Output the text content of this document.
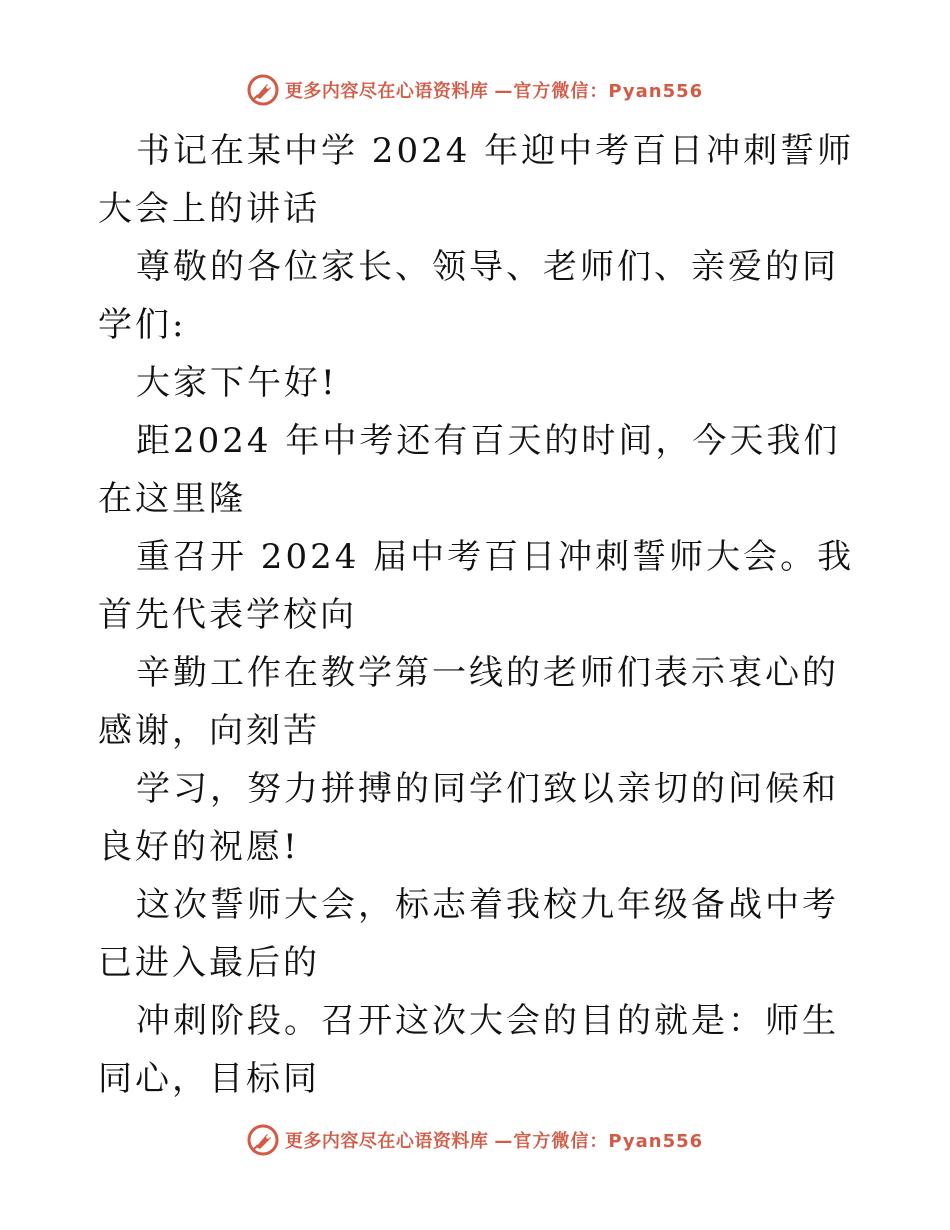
更多内容尽在心语资料库 —官方微信：Pyan556

书记在某中学 2024 年迎中考百日冲刺誓师大会上的讲话

尊敬的各位家长、领导、老师们、亲爱的同学们:

大家下午好!

距2024 年中考还有百天的时间，今天我们在这里隆

重召开 2024 届中考百日冲刺誓师大会。我首先代表学校向

辛勤工作在教学第一线的老师们表示衷心的感谢，向刻苦

学习，努力拼搏的同学们致以亲切的问候和良好的祝愿!

这次誓师大会，标志着我校九年级备战中考已进入最后的

冲刺阶段。召开这次大会的目的就是：师生同心，目标同

更多内容尽在心语资料库 —官方微信：Pyan556
